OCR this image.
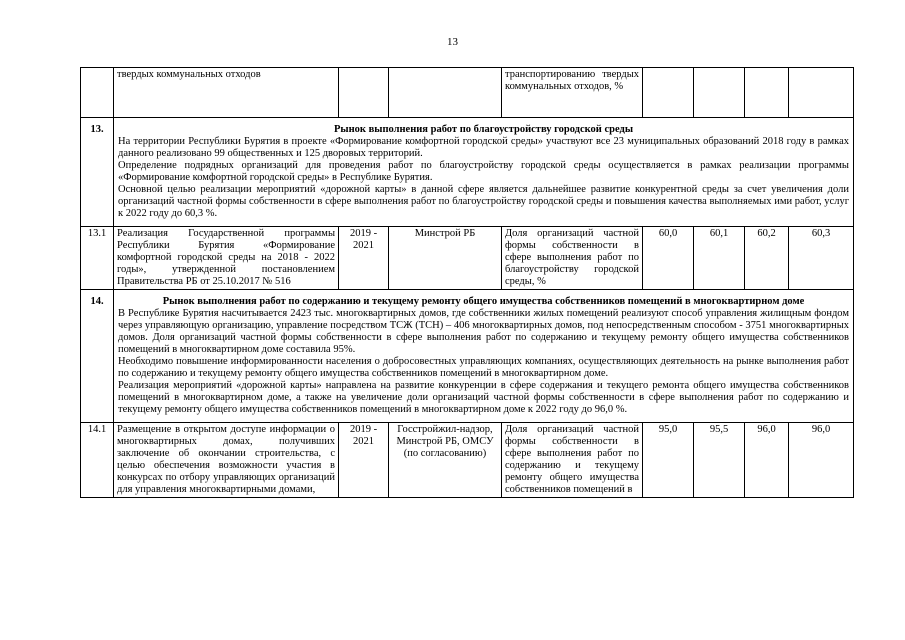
13
	твердых коммунальных отходов			транспортированию твердых коммунальных отходов, %				
13.	Рынок выполнения работ по благоустройству городской среды
На территории Республики Бурятия в проекте «Формирование комфортной городской среды» участвуют все 23 муниципальных образований 2018 году в рамках данного реализовано 99 общественных и 125 дворовых территорий.
Определение подрядных организаций для проведения работ по благоустройству городской среды осуществляется в рамках реализации программы «Формирование комфортной городской среды» в Республике Бурятия.
Основной целью реализации мероприятий «дорожной карты» в данной сфере является дальнейшее развитие конкурентной среды за счет увеличения доли организаций частной формы собственности в сфере выполнения работ по благоустройству городской среды и повышения качества выполняемых ими работ, услуг к 2022 году до 60,3 %.							

13.1	Реализация Государственной программы Республики Бурятия «Формирование комфортной городской среды на 2018 - 2022 годы», утвержденной постановлением Правительства РБ от 25.10.2017 № 516	2019 - 2021	Минстрой РБ	Доля организаций частной формы собственности в сфере выполнения работ по благоустройству городской среды, %	60,0	60,1	60,2	60,3
14.	Рынок выполнения работ по содержанию и текущему ремонту общего имущества собственников помещений в многоквартирном доме
В Республике Бурятия насчитывается 2423 тыс. многоквартирных домов, где собственники жилых помещений реализуют способ управления жилищным фондом через управляющую организацию, управление посредством ТСЖ (ТСН) – 406 многоквартирных домов, под непосредственным способом - 3751 многоквартирных домов. Доля организаций частной формы собственности в сфере выполнения работ по содержанию и текущему ремонту общего имущества собственников помещений в многоквартирном доме составила 95%.
Необходимо повышение информированности населения о добросовестных управляющих компаниях, осуществляющих деятельность на рынке выполнения работ по содержанию и текущему ремонту общего имущества собственников помещений в многоквартирном доме.
Реализация мероприятий «дорожной карты» направлена на развитие конкуренции в сфере содержания и текущего ремонта общего имущества собственников помещений в многоквартирном доме, а также на увеличение доли организаций частной формы собственности в сфере выполнения работ по содержанию и текущему ремонту общего имущества собственников помещений в многоквартирном доме к 2022 году до 96,0 %.							

14.1	Размещение в открытом доступе информации о многоквартирных домах, получивших заключение об окончании строительства, с целью обеспечения возможности участия в конкурсах по отбору управляющих организаций для управления многоквартирными домами,	2019 - 2021	Госстройжил-надзор, Минстрой РБ, ОМСУ (по согласованию)	Доля организаций частной формы собственности в сфере выполнения работ по содержанию и текущему ремонту общего имущества собственников помещений в	95,0	95,5	96,0	96,0
